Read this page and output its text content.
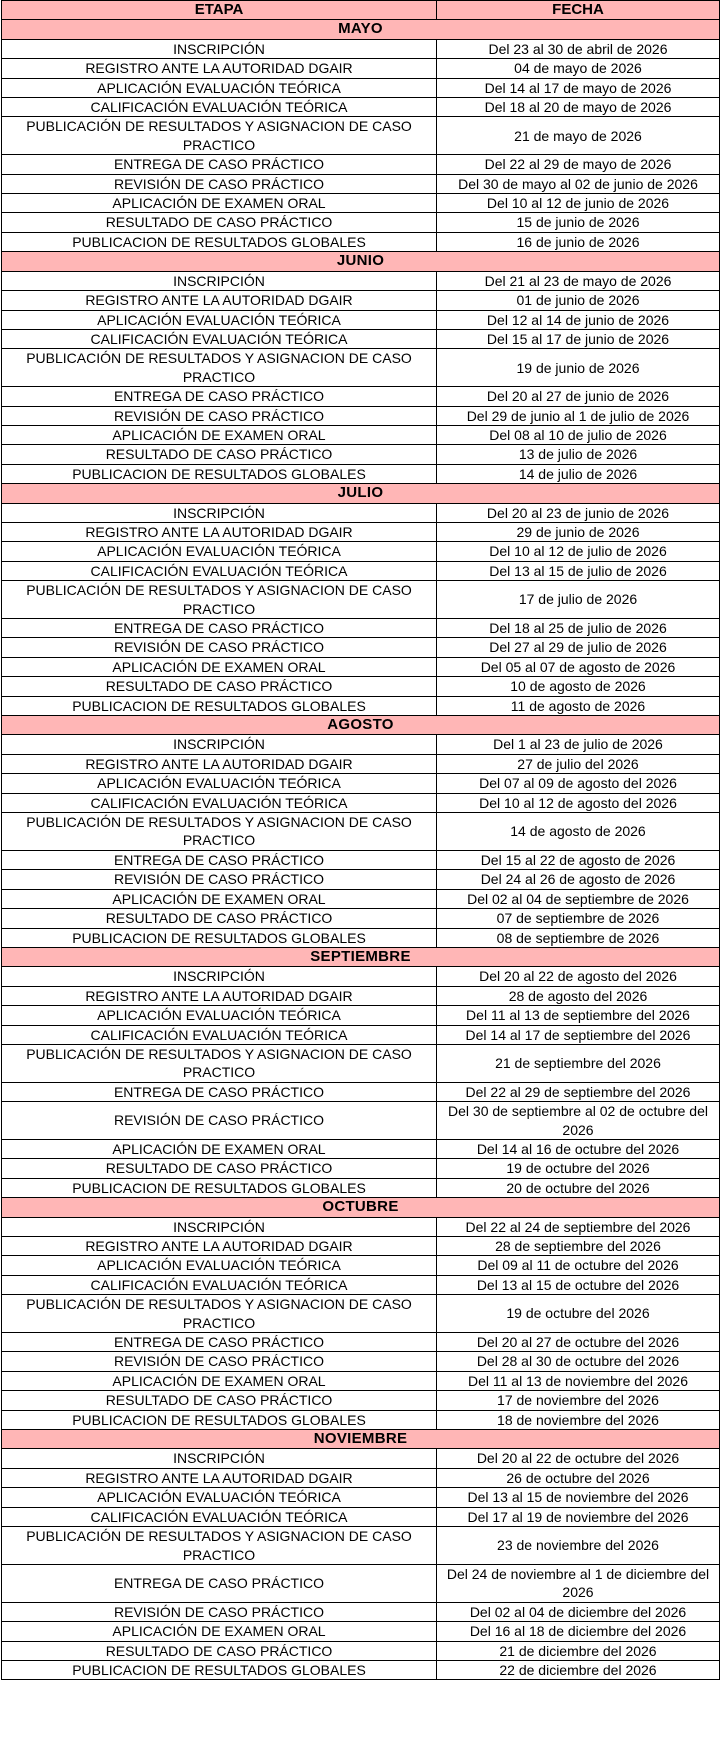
ETAPA	FECHA
MAYO	
INSCRIPCIÓN	Del 23 al 30 de abril de 2026
REGISTRO ANTE LA AUTORIDAD DGAIR	04 de mayo de 2026
APLICACIÓN EVALUACIÓN TEÓRICA	Del 14 al 17 de mayo de 2026
CALIFICACIÓN EVALUACIÓN TEÓRICA	Del 18 al 20 de mayo de 2026
PUBLICACIÓN DE RESULTADOS Y ASIGNACION DE CASO PRACTICO	21 de mayo de 2026
ENTREGA DE CASO PRÁCTICO	Del 22 al 29 de mayo de 2026
REVISIÓN DE CASO PRÁCTICO	Del 30 de mayo al 02 de junio de 2026
APLICACIÓN DE EXAMEN ORAL	Del 10 al 12 de junio de 2026
RESULTADO DE CASO PRÁCTICO	15 de junio de 2026
PUBLICACION DE RESULTADOS GLOBALES	16 de junio de 2026
JUNIO	
INSCRIPCIÓN	Del 21 al 23 de mayo de 2026
REGISTRO ANTE LA AUTORIDAD DGAIR	01 de junio de 2026
APLICACIÓN EVALUACIÓN TEÓRICA	Del 12 al 14 de junio de 2026
CALIFICACIÓN EVALUACIÓN TEÓRICA	Del 15 al 17 de junio de 2026
PUBLICACIÓN DE RESULTADOS Y ASIGNACION DE CASO PRACTICO	19 de junio de 2026
ENTREGA DE CASO PRÁCTICO	Del 20 al 27 de junio de 2026
REVISIÓN DE CASO PRÁCTICO	Del 29 de junio al 1 de julio de 2026
APLICACIÓN DE EXAMEN ORAL	Del 08 al 10 de julio de 2026
RESULTADO DE CASO PRÁCTICO	13 de julio de 2026
PUBLICACION DE RESULTADOS GLOBALES	14 de julio de 2026
JULIO	
INSCRIPCIÓN	Del 20 al 23 de junio de 2026
REGISTRO ANTE LA AUTORIDAD DGAIR	29 de junio de 2026
APLICACIÓN EVALUACIÓN TEÓRICA	Del 10 al 12 de julio de 2026
CALIFICACIÓN EVALUACIÓN TEÓRICA	Del 13 al 15 de julio de 2026
PUBLICACIÓN DE RESULTADOS Y ASIGNACION DE CASO PRACTICO	17 de julio de 2026
ENTREGA DE CASO PRÁCTICO	Del 18 al 25 de julio de 2026
REVISIÓN DE CASO PRÁCTICO	Del 27 al 29 de julio de 2026
APLICACIÓN DE EXAMEN ORAL	Del 05 al 07 de agosto de 2026
RESULTADO DE CASO PRÁCTICO	10 de agosto de 2026
PUBLICACION DE RESULTADOS GLOBALES	11 de agosto de 2026
AGOSTO	
INSCRIPCIÓN	Del 1 al 23 de julio de 2026
REGISTRO ANTE LA AUTORIDAD DGAIR	27 de julio del 2026
APLICACIÓN EVALUACIÓN TEÓRICA	Del 07 al 09 de agosto del 2026
CALIFICACIÓN EVALUACIÓN TEÓRICA	Del 10 al 12 de agosto del 2026
PUBLICACIÓN DE RESULTADOS Y ASIGNACION DE CASO PRACTICO	14 de agosto de 2026
ENTREGA DE CASO PRÁCTICO	Del 15 al 22 de agosto de 2026
REVISIÓN DE CASO PRÁCTICO	Del 24 al 26 de agosto de 2026
APLICACIÓN DE EXAMEN ORAL	Del 02 al 04 de septiembre de 2026
RESULTADO DE CASO PRÁCTICO	07 de septiembre de 2026
PUBLICACION DE RESULTADOS GLOBALES	08 de septiembre de 2026
SEPTIEMBRE	
INSCRIPCIÓN	Del 20 al 22 de agosto del 2026
REGISTRO ANTE LA AUTORIDAD DGAIR	28 de agosto del 2026
APLICACIÓN EVALUACIÓN TEÓRICA	Del 11 al 13 de septiembre del 2026
CALIFICACIÓN EVALUACIÓN TEÓRICA	Del 14 al 17 de septiembre del 2026
PUBLICACIÓN DE RESULTADOS Y ASIGNACION DE CASO PRACTICO	21 de septiembre del 2026
ENTREGA DE CASO PRÁCTICO	Del 22 al 29 de septiembre del 2026
REVISIÓN DE CASO PRÁCTICO	Del 30 de septiembre al 02 de octubre del 2026
APLICACIÓN DE EXAMEN ORAL	Del 14 al 16 de octubre del 2026
RESULTADO DE CASO PRÁCTICO	19 de octubre del 2026
PUBLICACION DE RESULTADOS GLOBALES	20 de octubre del 2026
OCTUBRE	
INSCRIPCIÓN	Del 22 al 24 de septiembre del 2026
REGISTRO ANTE LA AUTORIDAD DGAIR	28 de septiembre del 2026
APLICACIÓN EVALUACIÓN TEÓRICA	Del 09 al 11 de octubre del 2026
CALIFICACIÓN EVALUACIÓN TEÓRICA	Del 13 al 15 de octubre del 2026
PUBLICACIÓN DE RESULTADOS Y ASIGNACION DE CASO PRACTICO	19 de octubre del 2026
ENTREGA DE CASO PRÁCTICO	Del 20 al 27 de octubre del 2026
REVISIÓN DE CASO PRÁCTICO	Del 28 al 30 de octubre del 2026
APLICACIÓN DE EXAMEN ORAL	Del 11 al 13 de noviembre del 2026
RESULTADO DE CASO PRÁCTICO	17 de noviembre del 2026
PUBLICACION DE RESULTADOS GLOBALES	18 de noviembre del 2026
NOVIEMBRE	
INSCRIPCIÓN	Del 20 al 22 de octubre del 2026
REGISTRO ANTE LA AUTORIDAD DGAIR	26 de octubre del 2026
APLICACIÓN EVALUACIÓN TEÓRICA	Del 13 al 15 de noviembre del 2026
CALIFICACIÓN EVALUACIÓN TEÓRICA	Del 17 al 19 de noviembre del 2026
PUBLICACIÓN DE RESULTADOS Y ASIGNACION DE CASO PRACTICO	23 de noviembre del 2026
ENTREGA DE CASO PRÁCTICO	Del 24 de noviembre al 1 de diciembre del 2026
REVISIÓN DE CASO PRÁCTICO	Del 02 al 04 de diciembre del 2026
APLICACIÓN DE EXAMEN ORAL	Del 16 al 18 de diciembre del 2026
RESULTADO DE CASO PRÁCTICO	21 de diciembre del 2026
PUBLICACION DE RESULTADOS GLOBALES	22 de diciembre del 2026
